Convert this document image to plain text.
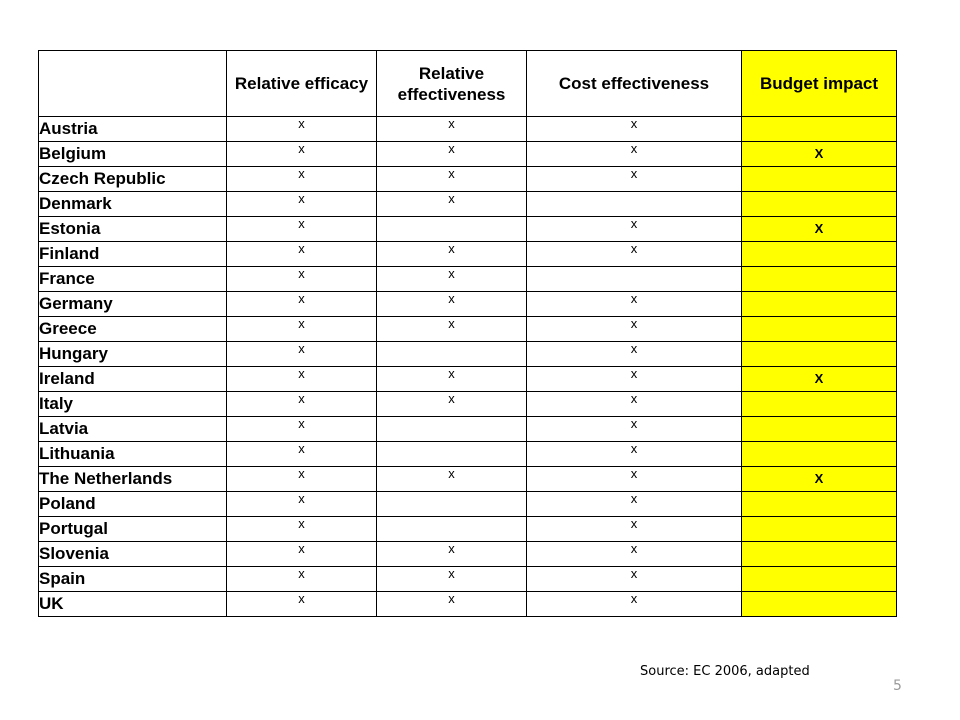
	Relative efficacy	Relative effectiveness	Cost effectiveness	Budget impact
Austria	x	x	x	
Belgium	x	x	x	X
Czech Republic	x	x	x	
Denmark	x	x		
Estonia	x		x	X
Finland	x	x	x	
France	x	x		
Germany	x	x	x	
Greece	x	x	x	
Hungary	x		x	
Ireland	x	x	x	X
Italy	x	x	x	
Latvia	x		x	
Lithuania	x		x	
The Netherlands	x	x	x	X
Poland	x		x	
Portugal	x		x	
Slovenia	x	x	x	
Spain	x	x	x	
UK	x	x	x	
Source: EC 2006, adapted
5
